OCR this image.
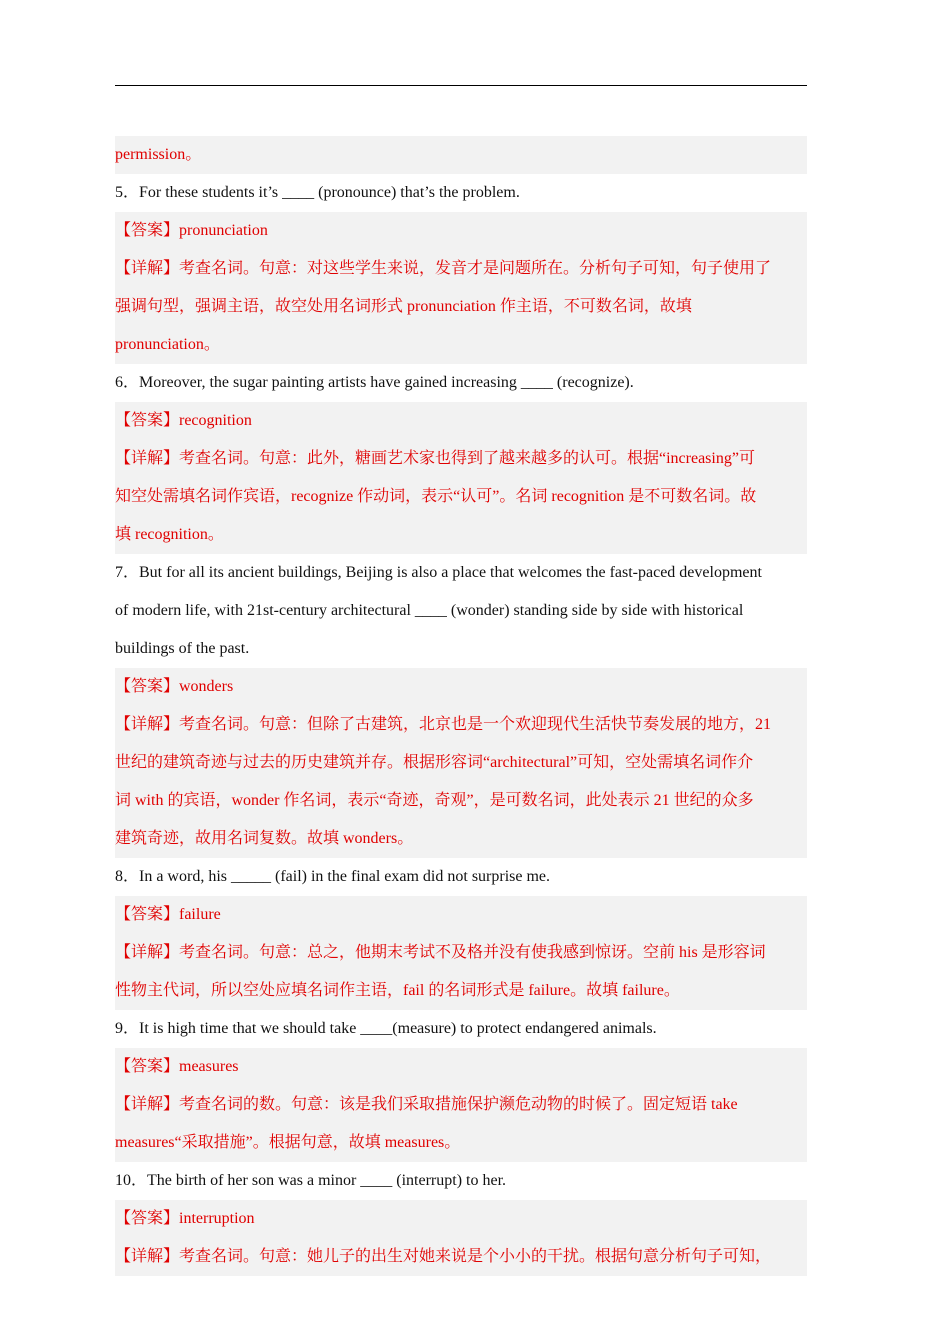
permission。
5．For these students it’s ____ (pronounce) that’s the problem.
【答案】pronunciation
【详解】考查名词。句意：对这些学生来说，发音才是问题所在。分析句子可知，句子使用了
强调句型，强调主语，故空处用名词形式 pronunciation 作主语，不可数名词，故填
pronunciation。
6．Moreover, the sugar painting artists have gained increasing ____ (recognize).
【答案】recognition
【详解】考查名词。句意：此外，糖画艺术家也得到了越来越多的认可。根据“increasing”可
知空处需填名词作宾语，recognize 作动词，表示“认可”。名词 recognition 是不可数名词。故
填 recognition。
7．But for all its ancient buildings, Beijing is also a place that welcomes the fast-paced development
of modern life, with 21st-century architectural ____ (wonder) standing side by side with historical
buildings of the past.
【答案】wonders
【详解】考查名词。句意：但除了古建筑，北京也是一个欢迎现代生活快节奏发展的地方，21
世纪的建筑奇迹与过去的历史建筑并存。根据形容词“architectural”可知，空处需填名词作介
词 with 的宾语，wonder 作名词，表示“奇迹，奇观”，是可数名词，此处表示 21 世纪的众多
建筑奇迹，故用名词复数。故填 wonders。
8．In a word, his _____ (fail) in the final exam did not surprise me.
【答案】failure
【详解】考查名词。句意：总之，他期末考试不及格并没有使我感到惊讶。空前 his 是形容词
性物主代词，所以空处应填名词作主语，fail 的名词形式是 failure。故填 failure。
9．It is high time that we should take ____(measure) to protect endangered animals.
【答案】measures
【详解】考查名词的数。句意：该是我们采取措施保护濒危动物的时候了。固定短语 take
measures“采取措施”。根据句意，故填 measures。
10．The birth of her son was a minor ____ (interrupt) to her.
【答案】interruption
【详解】考查名词。句意：她儿子的出生对她来说是个小小的干扰。根据句意分析句子可知，
